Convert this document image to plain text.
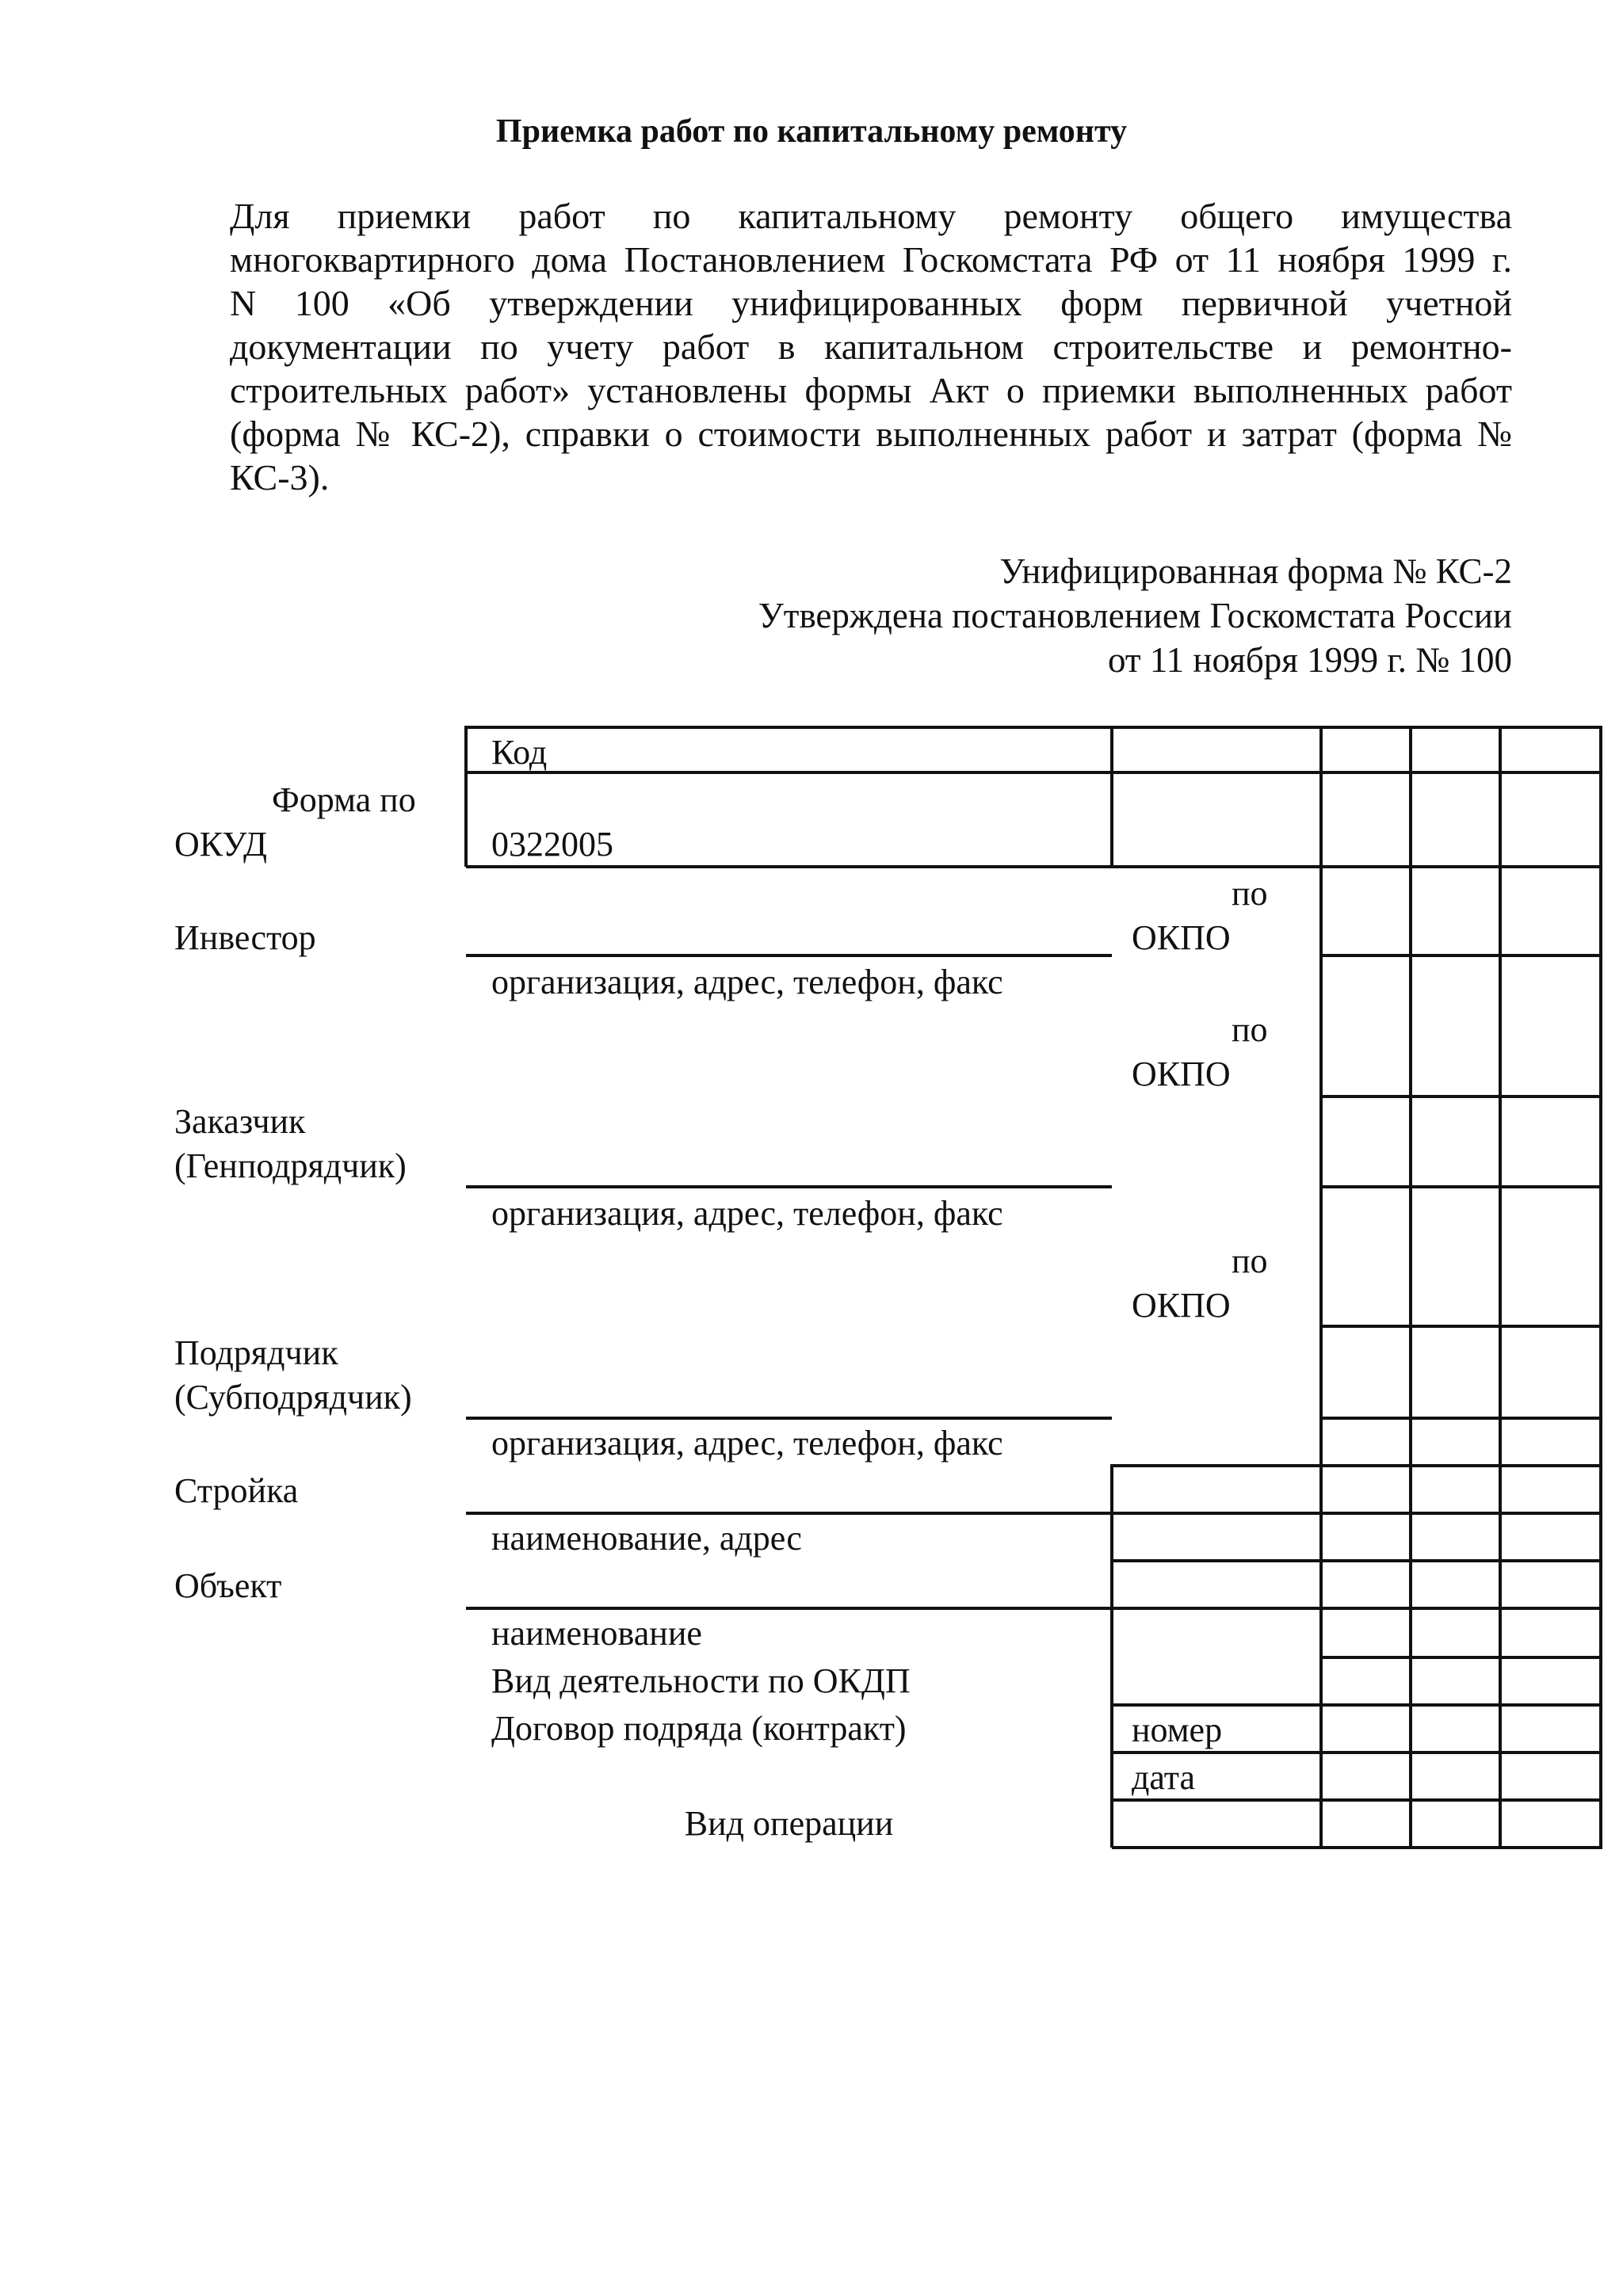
Приемка работ по капитальному ремонту
Для приемки работ по капитальному ремонту общего имущества
многоквартирного дома Постановлением Госкомстата РФ от 11 ноября 1999 г.
N 100 «Об утверждении унифицированных форм первичной учетной
документации по учету работ в капитальном строительстве и ремонтно-
строительных работ» установлены формы Акт о приемки выполненных работ
(форма № КС-2), справки о стоимости выполненных работ и затрат (форма №
КС-3).
Унифицированная форма № КС-2
Утверждена постановлением Госкомстата России
от 11 ноября 1999 г. № 100
Код
Форма по
ОКУД	0322005
по
ОКПО
Инвестор
организация, адрес, телефон, факс
по
ОКПО
Заказчик
(Генподрядчик)
организация, адрес, телефон, факс
по
ОКПО
Подрядчик
(Субподрядчик)
организация, адрес, телефон, факс
Стройка
наименование, адрес
Объект
наименование
Вид деятельности по ОКДП
Договор подряда (контракт)	номер
дата
Вид операции
